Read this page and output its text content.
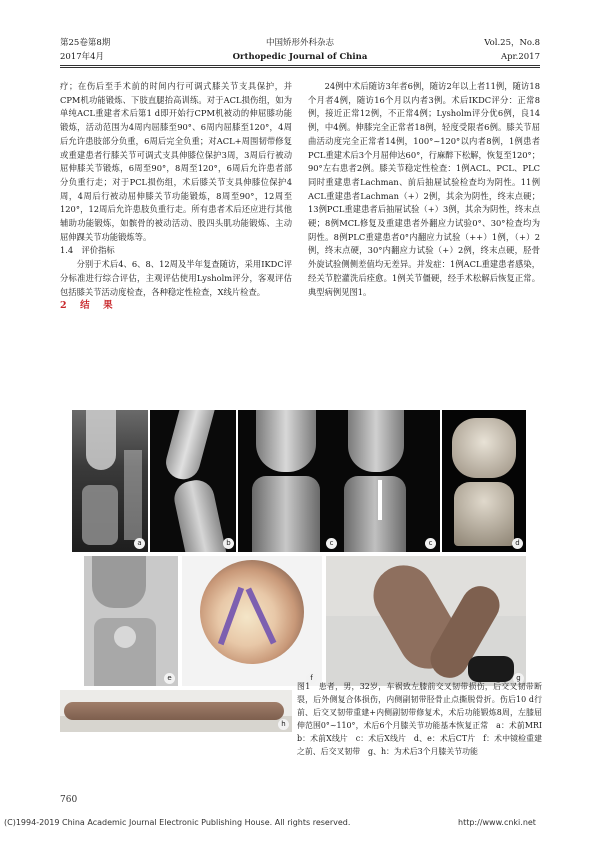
第25卷第8期
2017年4月
中国矫形外科杂志
Orthopedic Journal of China
Vol.25，No.8
Apr.2017

疗；在伤后至手术前的时间内行可调式膝关节支具保护，并CPM机功能锻炼、下肢直腿抬高训练。对于ACL损伤组，如为单纯ACL重建者术后第1 d即开始行CPM机被动的伸屈膝功能锻炼，活动范围为4周内屈膝至90°、6周内屈膝至120°，4周后允许患肢部分负重，6周后完全负重；对ACL+周围韧带修复或重建患者行膝关节可调式支具伸膝位保护3周，3周后行被动屈伸膝关节锻炼，6周至90°，8周至120°，6周后允许患者部分负重行走；对于PCL损伤组，术后膝关节支具伸膝位保护4周，4周后行被动屈伸膝关节功能锻炼，8周至90°，12周至120°，12周后允许患肢负重行走。所有患者术后还应进行其他辅助功能锻炼，如髌骨的被动活动、股四头肌功能锻炼、主动屈伸踝关节功能锻炼等。

1.4　评价指标

分别于术后4、6、8、12周及半年复查随访，采用IKDC评分标准进行综合评估，主观评估使用Lysholm评分，客观评估包括膝关节活动度检查，各种稳定性检查，X线片检查。

2　结　果

24例中术后随访3年者6例，随访2年以上者11例，随访18个月者4例，随访16个月以内者3例。术后IKDC评分：正常8例，接近正常12例，不正常4例；Lysholm评分优6例，良14例，中4例。伸膝完全正常者18例，轻度受限者6例。膝关节屈曲活动度完全正常者14例，100°~120°以内者8例，1例患者PCL重建术后3个月屈伸达60°，行麻醉下松解，恢复至120°；90°左右患者2例。膝关节稳定性检查：1例ACL、PCL、PLC同时重建患者Lachman、前后抽屉试验检查均为阴性。11例ACL重建患者Lachman（+）2例，其余为阴性，终末点硬；13例PCL重建患者后抽屉试验（+）3例，其余为阴性，终末点硬；8例MCL修复及重建患者外翻应力试验0°、30°检查均为阴性。8例PLC重建患者0°内翻应力试验（++）1例，（+）2例，终末点硬，30°内翻应力试验（+）2例，终末点硬，胫骨外旋试验侧侧差值均无差异。并发症：1例ACL重建患者感染，经关节腔灌洗后痊愈。1例关节僵硬，经手术松解后恢复正常。典型病例见图1。

a	b	c	c	d
e	f	g
h
图1　患者，男，32岁，车祸致左膝前交叉韧带损伤，后交叉韧带断裂，后外侧复合体损伤，内侧副韧带胫骨止点撕脱骨折。伤后10 d行前、后交叉韧带重建+内侧副韧带修复术，术后功能锻炼8周，左膝屈伸范围0°~110°，术后6个月膝关节功能基本恢复正常　a：术前MRI　b：术前X线片　c：术后X线片　d、e：术后CT片　f：术中镜检重建之前、后交叉韧带　g、h：为术后3个月膝关节功能
760
(C)1994-2019 China Academic Journal Electronic Publishing House. All rights reserved.	http://www.cnki.net
